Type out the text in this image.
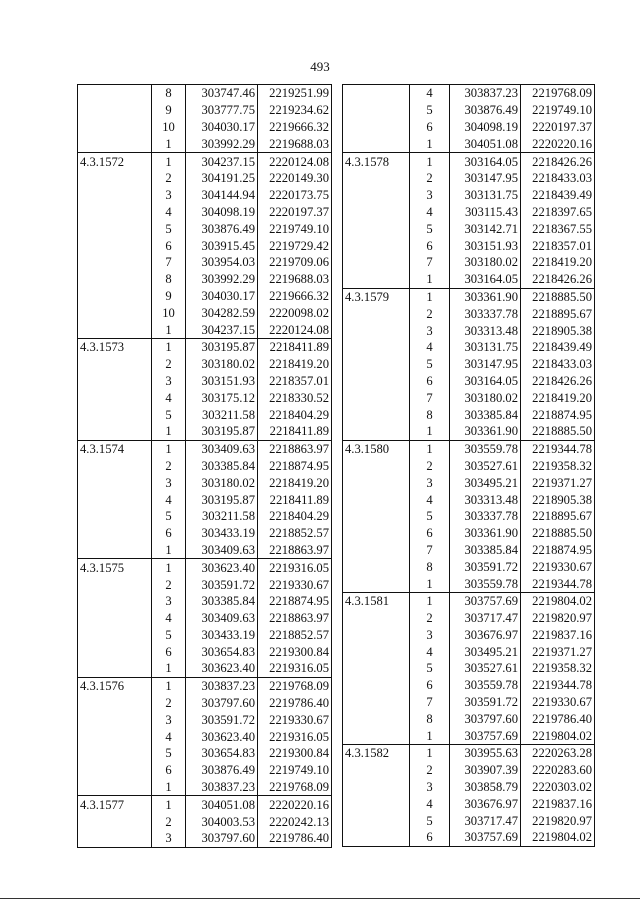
493
	8	303747.46	2219251.99
	9	303777.75	2219234.62
	10	304030.17	2219666.32
	1	303992.29	2219688.03
4.3.1572	1	304237.15	2220124.08
	2	304191.25	2220149.30
	3	304144.94	2220173.75
	4	304098.19	2220197.37
	5	303876.49	2219749.10
	6	303915.45	2219729.42
	7	303954.03	2219709.06
	8	303992.29	2219688.03
	9	304030.17	2219666.32
	10	304282.59	2220098.02
	1	304237.15	2220124.08
4.3.1573	1	303195.87	2218411.89
	2	303180.02	2218419.20
	3	303151.93	2218357.01
	4	303175.12	2218330.52
	5	303211.58	2218404.29
	1	303195.87	2218411.89
4.3.1574	1	303409.63	2218863.97
	2	303385.84	2218874.95
	3	303180.02	2218419.20
	4	303195.87	2218411.89
	5	303211.58	2218404.29
	6	303433.19	2218852.57
	1	303409.63	2218863.97
4.3.1575	1	303623.40	2219316.05
	2	303591.72	2219330.67
	3	303385.84	2218874.95
	4	303409.63	2218863.97
	5	303433.19	2218852.57
	6	303654.83	2219300.84
	1	303623.40	2219316.05
4.3.1576	1	303837.23	2219768.09
	2	303797.60	2219786.40
	3	303591.72	2219330.67
	4	303623.40	2219316.05
	5	303654.83	2219300.84
	6	303876.49	2219749.10
	1	303837.23	2219768.09
4.3.1577	1	304051.08	2220220.16
	2	304003.53	2220242.13
	3	303797.60	2219786.40
	4	303837.23	2219768.09
	5	303876.49	2219749.10
	6	304098.19	2220197.37
	1	304051.08	2220220.16
4.3.1578	1	303164.05	2218426.26
	2	303147.95	2218433.03
	3	303131.75	2218439.49
	4	303115.43	2218397.65
	5	303142.71	2218367.55
	6	303151.93	2218357.01
	7	303180.02	2218419.20
	1	303164.05	2218426.26
4.3.1579	1	303361.90	2218885.50
	2	303337.78	2218895.67
	3	303313.48	2218905.38
	4	303131.75	2218439.49
	5	303147.95	2218433.03
	6	303164.05	2218426.26
	7	303180.02	2218419.20
	8	303385.84	2218874.95
	1	303361.90	2218885.50
4.3.1580	1	303559.78	2219344.78
	2	303527.61	2219358.32
	3	303495.21	2219371.27
	4	303313.48	2218905.38
	5	303337.78	2218895.67
	6	303361.90	2218885.50
	7	303385.84	2218874.95
	8	303591.72	2219330.67
	1	303559.78	2219344.78
4.3.1581	1	303757.69	2219804.02
	2	303717.47	2219820.97
	3	303676.97	2219837.16
	4	303495.21	2219371.27
	5	303527.61	2219358.32
	6	303559.78	2219344.78
	7	303591.72	2219330.67
	8	303797.60	2219786.40
	1	303757.69	2219804.02
4.3.1582	1	303955.63	2220263.28
	2	303907.39	2220283.60
	3	303858.79	2220303.02
	4	303676.97	2219837.16
	5	303717.47	2219820.97
	6	303757.69	2219804.02
